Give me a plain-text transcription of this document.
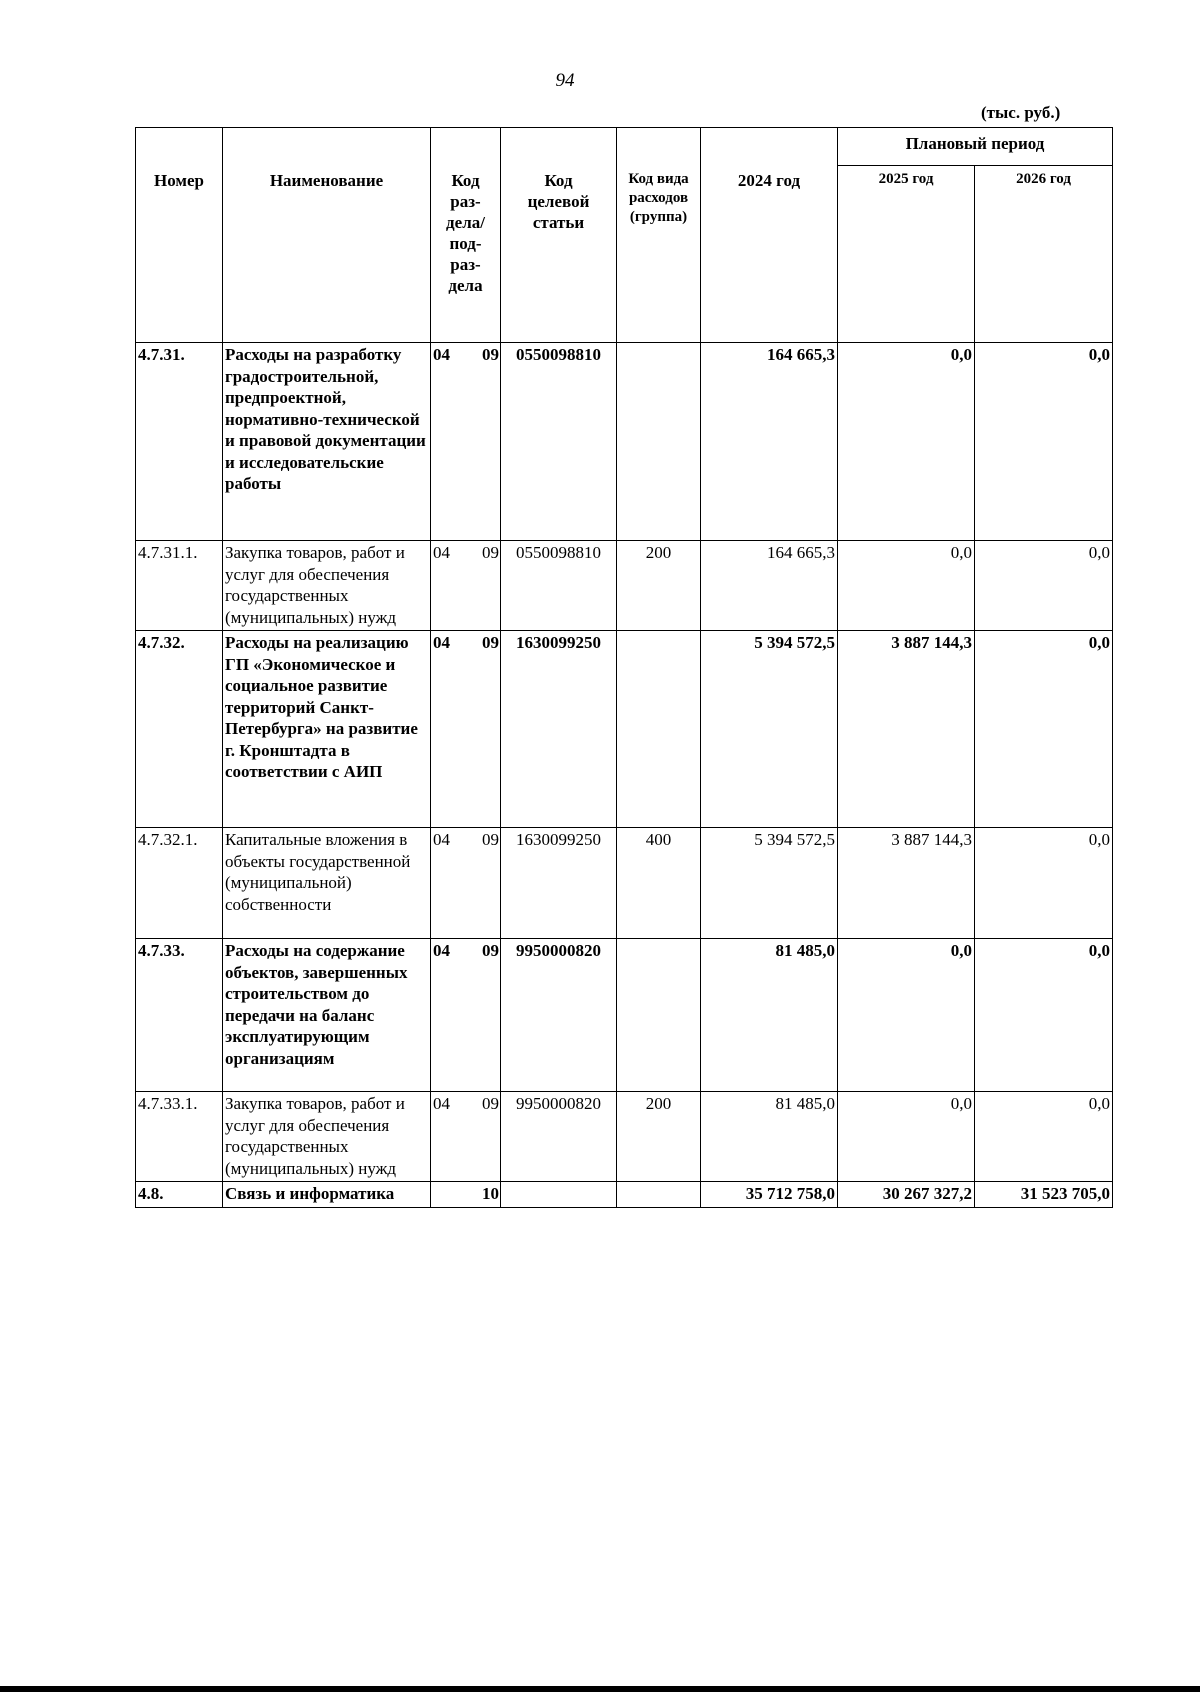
94
(тыс. руб.)
Номер	Наименование	Код раз-дела/ под-раз-дела	Код целевой статьи	Код вида расходов (группа)	2024 год	Плановый период	

						2025 год	2026 год

4.7.31.	Расходы на разработку градостроительной, предпроектной, нормативно-технической и правовой документации и исследовательские работы	04 09	0550098810		164 665,3	0,0	0,0

4.7.31.1.	Закупка товаров, работ и услуг для обеспечения государственных (муниципальных) нужд	04 09	0550098810	200	164 665,3	0,0	0,0

4.7.32.	Расходы на реализацию ГП «Экономическое и социальное развитие территорий Санкт-Петербурга» на развитие г. Кронштадта в соответствии с АИП	04 09	1630099250		5 394 572,5	3 887 144,3	0,0

4.7.32.1.	Капитальные вложения в объекты государственной (муниципальной) собственности	04 09	1630099250	400	5 394 572,5	3 887 144,3	0,0

4.7.33.	Расходы на содержание объектов, завершенных строительством до передачи на баланс эксплуатирующим организациям	04 09	9950000820		81 485,0	0,0	0,0

4.7.33.1.	Закупка товаров, работ и услуг для обеспечения государственных (муниципальных) нужд	04 09	9950000820	200	81 485,0	0,0	0,0

4.8.	Связь и информатика	10			35 712 758,0	30 267 327,2	31 523 705,0
